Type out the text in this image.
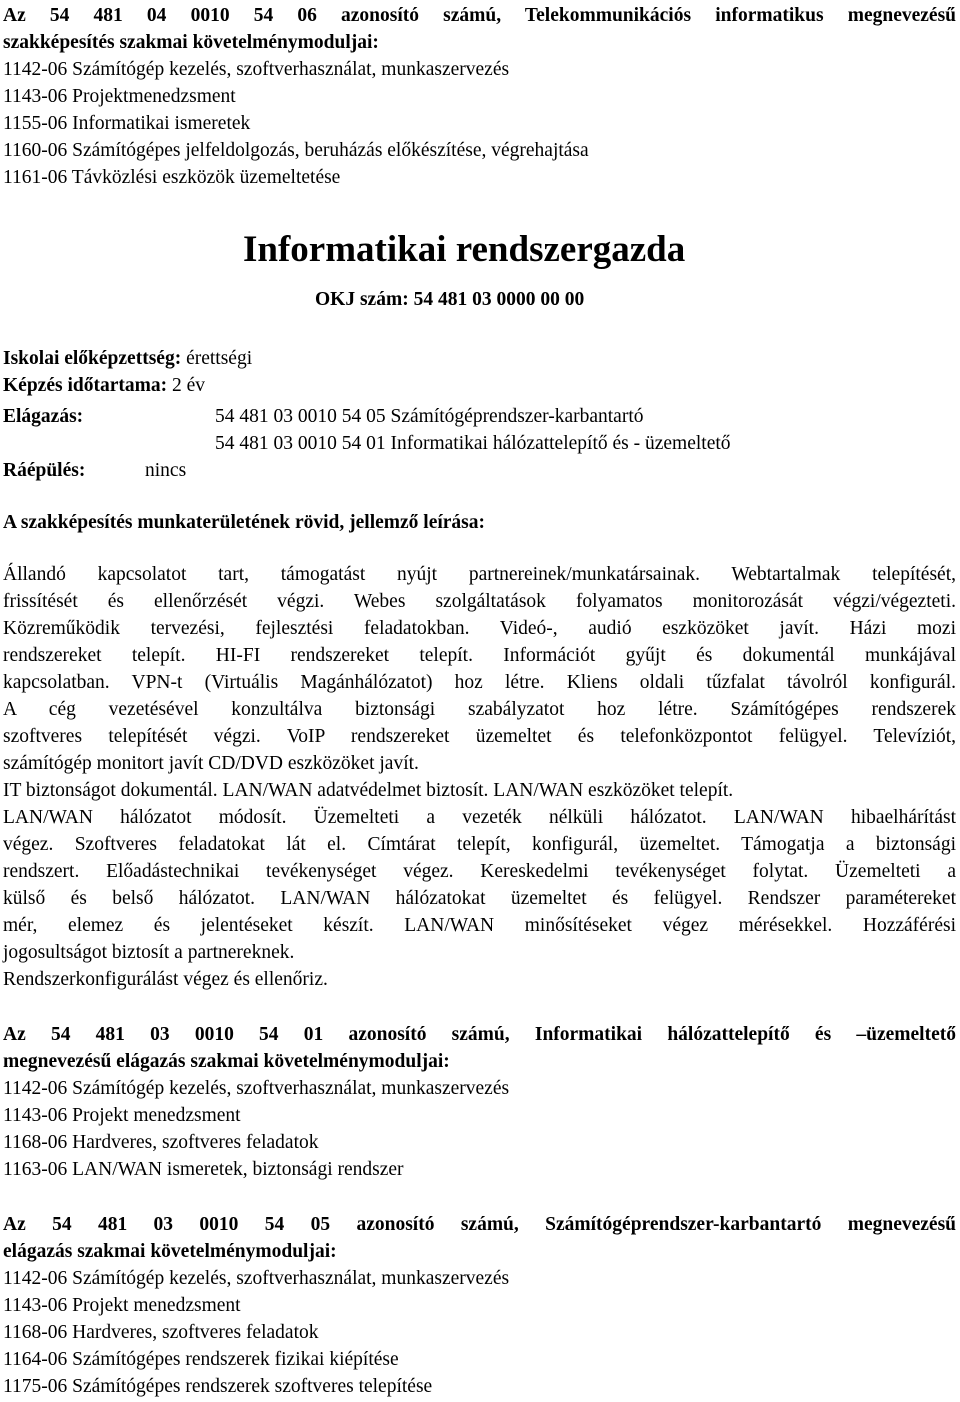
Az 54 481 04 0010 54 06 azonosító számú, Telekommunikációs informatikus megnevezésű
szakképesítés szakmai követelménymoduljai:
1142-06 Számítógép kezelés, szoftverhasználat, munkaszervezés
1143-06 Projektmenedzsment
1155-06 Informatikai ismeretek
1160-06 Számítógépes jelfeldolgozás, beruházás előkészítése, végrehajtása
1161-06 Távközlési eszközök üzemeltetése
Informatikai rendszergazda
OKJ szám: 54 481 03 0000 00 00
Iskolai előképzettség: érettségi
Képzés időtartama: 2 év
Elágazás:	54 481 03 0010 54 05 Számítógéprendszer-karbantartó
54 481 03 0010 54 01 Informatikai hálózattelepítő és - üzemeltető
Ráépülés:	nincs
A szakképesítés munkaterületének rövid, jellemző leírása:
Állandó kapcsolatot tart, támogatást nyújt partnereinek/munkatársainak. Webtartalmak telepítését,
frissítését és ellenőrzését végzi. Webes szolgáltatások folyamatos monitorozását végzi/végezteti.
Közreműködik tervezési, fejlesztési feladatokban. Videó-, audió eszközöket javít. Házi mozi
rendszereket telepít. HI-FI rendszereket telepít. Információt gyűjt és dokumentál munkájával
kapcsolatban. VPN-t (Virtuális Magánhálózatot) hoz létre. Kliens oldali tűzfalat távolról konfigurál.
A cég vezetésével konzultálva biztonsági szabályzatot hoz létre. Számítógépes rendszerek
szoftveres telepítését végzi. VoIP rendszereket üzemeltet és telefonközpontot felügyel. Televíziót,
számítógép monitort javít CD/DVD eszközöket javít.
IT biztonságot dokumentál. LAN/WAN adatvédelmet biztosít. LAN/WAN eszközöket telepít.
LAN/WAN hálózatot módosít. Üzemelteti a vezeték nélküli hálózatot. LAN/WAN hibaelhárítást
végez. Szoftveres feladatokat lát el. Címtárat telepít, konfigurál, üzemeltet. Támogatja a biztonsági
rendszert. Előadástechnikai tevékenységet végez. Kereskedelmi tevékenységet folytat. Üzemelteti a
külső és belső hálózatot. LAN/WAN hálózatokat üzemeltet és felügyel. Rendszer paramétereket
mér, elemez és jelentéseket készít. LAN/WAN minősítéseket végez mérésekkel. Hozzáférési
jogosultságot biztosít a partnereknek.
Rendszerkonfigurálást végez és ellenőriz.
Az 54 481 03 0010 54 01 azonosító számú, Informatikai hálózattelepítő és –üzemeltető
megnevezésű elágazás szakmai követelménymoduljai:
1142-06 Számítógép kezelés, szoftverhasználat, munkaszervezés
1143-06 Projekt menedzsment
1168-06 Hardveres, szoftveres feladatok
1163-06 LAN/WAN ismeretek, biztonsági rendszer
Az 54 481 03 0010 54 05 azonosító számú, Számítógéprendszer-karbantartó megnevezésű
elágazás szakmai követelménymoduljai:
1142-06 Számítógép kezelés, szoftverhasználat, munkaszervezés
1143-06 Projekt menedzsment
1168-06 Hardveres, szoftveres feladatok
1164-06 Számítógépes rendszerek fizikai kiépítése
1175-06 Számítógépes rendszerek szoftveres telepítése
